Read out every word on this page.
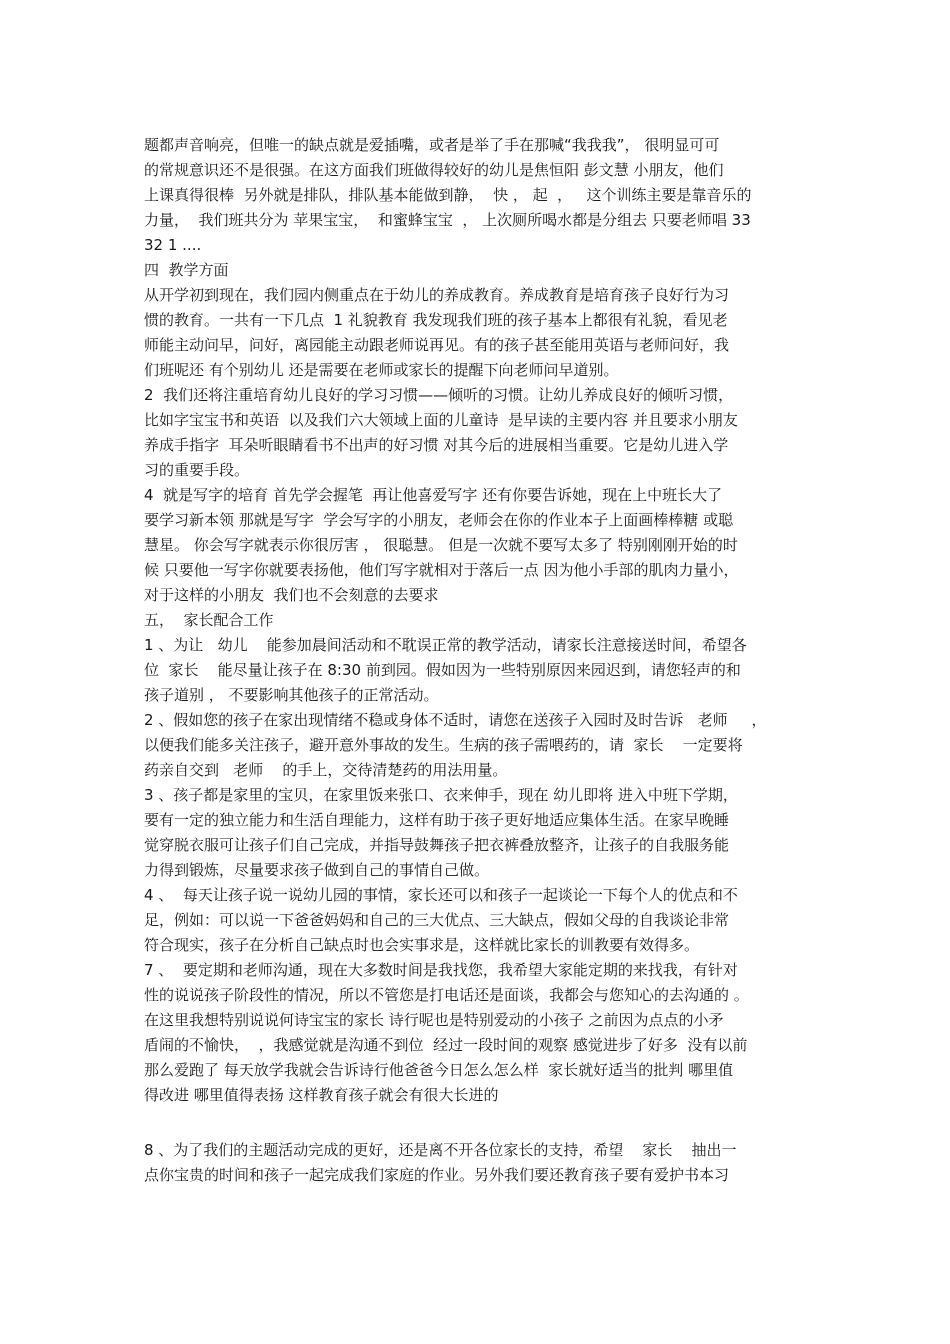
题都声音响亮，但唯一的缺点就是爱插嘴，或者是举了手在那喊“我我我”， 很明显可可
的常规意识还不是很强。在这方面我们班做得较好的幼儿是焦恒阳 彭文慧 小朋友，他们
上课真得很棒  另外就是排队，排队基本能做到静，  快 ， 起  ，   这个训练主要是靠音乐的
力量，  我们班共分为 苹果宝宝，  和蜜蜂宝宝  ， 上次厕所喝水都是分组去 只要老师唱 33
32 1 ....
四  教学方面
从开学初到现在，我们园内侧重点在于幼儿的养成教育。养成教育是培育孩子良好行为习
惯的教育。一共有一下几点  1 礼貌教育 我发现我们班的孩子基本上都很有礼貌，看见老
师能主动问早，问好，离园能主动跟老师说再见。有的孩子甚至能用英语与老师问好，我
们班呢还 有个别幼儿 还是需要在老师或家长的提醒下向老师问早道别。
2  我们还将注重培育幼儿良好的学习习惯——倾听的习惯。让幼儿养成良好的倾听习惯，
比如字宝宝书和英语  以及我们六大领域上面的儿童诗  是早读的主要内容 并且要求小朋友
养成手指字  耳朵听眼睛看书不出声的好习惯 对其今后的进展相当重要。它是幼儿进入学
习的重要手段。
4  就是写字的培育 首先学会握笔  再让他喜爱写字 还有你要告诉她，现在上中班长大了
要学习新本领 那就是写字  学会写字的小朋友，老师会在你的作业本子上面画棒棒糖 或聪
慧星。 你会写字就表示你很厉害 ， 很聪慧。 但是一次就不要写太多了 特别刚刚开始的时
候 只要他一写字你就要表扬他，他们写字就相对于落后一点 因为他小手部的肌肉力量小，
对于这样的小朋友  我们也不会刻意的去要求
五，  家长配合工作
1 、为让   幼儿    能参加晨间活动和不耽误正常的教学活动，请家长注意接送时间，希望各
位  家长    能尽量让孩子在 8:30 前到园。假如因为一些特别原因来园迟到，请您轻声的和
孩子道别 ， 不要影响其他孩子的正常活动。
2 、假如您的孩子在家出现情绪不稳或身体不适时，请您在送孩子入园时及时告诉   老师     ，
以便我们能多关注孩子，避开意外事故的发生。生病的孩子需喂药的，请  家长    一定要将
药亲自交到   老师    的手上，交待清楚药的用法用量。
3 、孩子都是家里的宝贝，在家里饭来张口、衣来伸手，现在 幼儿即将 进入中班下学期，
要有一定的独立能力和生活自理能力，这样有助于孩子更好地适应集体生活。在家早晚睡
觉穿脱衣服可让孩子们自己完成，并指导鼓舞孩子把衣裤叠放整齐，让孩子的自我服务能
力得到锻炼，尽量要求孩子做到自己的事情自己做。
4 、  每天让孩子说一说幼儿园的事情，家长还可以和孩子一起谈论一下每个人的优点和不
足，例如：可以说一下爸爸妈妈和自己的三大优点、三大缺点，假如父母的自我谈论非常
符合现实，孩子在分析自己缺点时也会实事求是，这样就比家长的训教要有效得多。
7 、  要定期和老师沟通，现在大多数时间是我找您，我希望大家能定期的来找我，有针对
性的说说孩子阶段性的情况，所以不管您是打电话还是面谈，我都会与您知心的去沟通的 。
在这里我想特别说说何诗宝宝的家长 诗行呢也是特别爱动的小孩子 之前因为点点的小矛
盾闹的不愉快，  ，我感觉就是沟通不到位  经过一段时间的观察 感觉进步了好多  没有以前
那么爱跑了 每天放学我就会告诉诗行他爸爸今日怎么怎么样  家长就好适当的批判 哪里值
得改进 哪里值得表扬 这样教育孩子就会有很大长进的
8 、为了我们的主题活动完成的更好，还是离不开各位家长的支持，希望    家长    抽出一
点你宝贵的时间和孩子一起完成我们家庭的作业。另外我们要还教育孩子要有爱护书本习
